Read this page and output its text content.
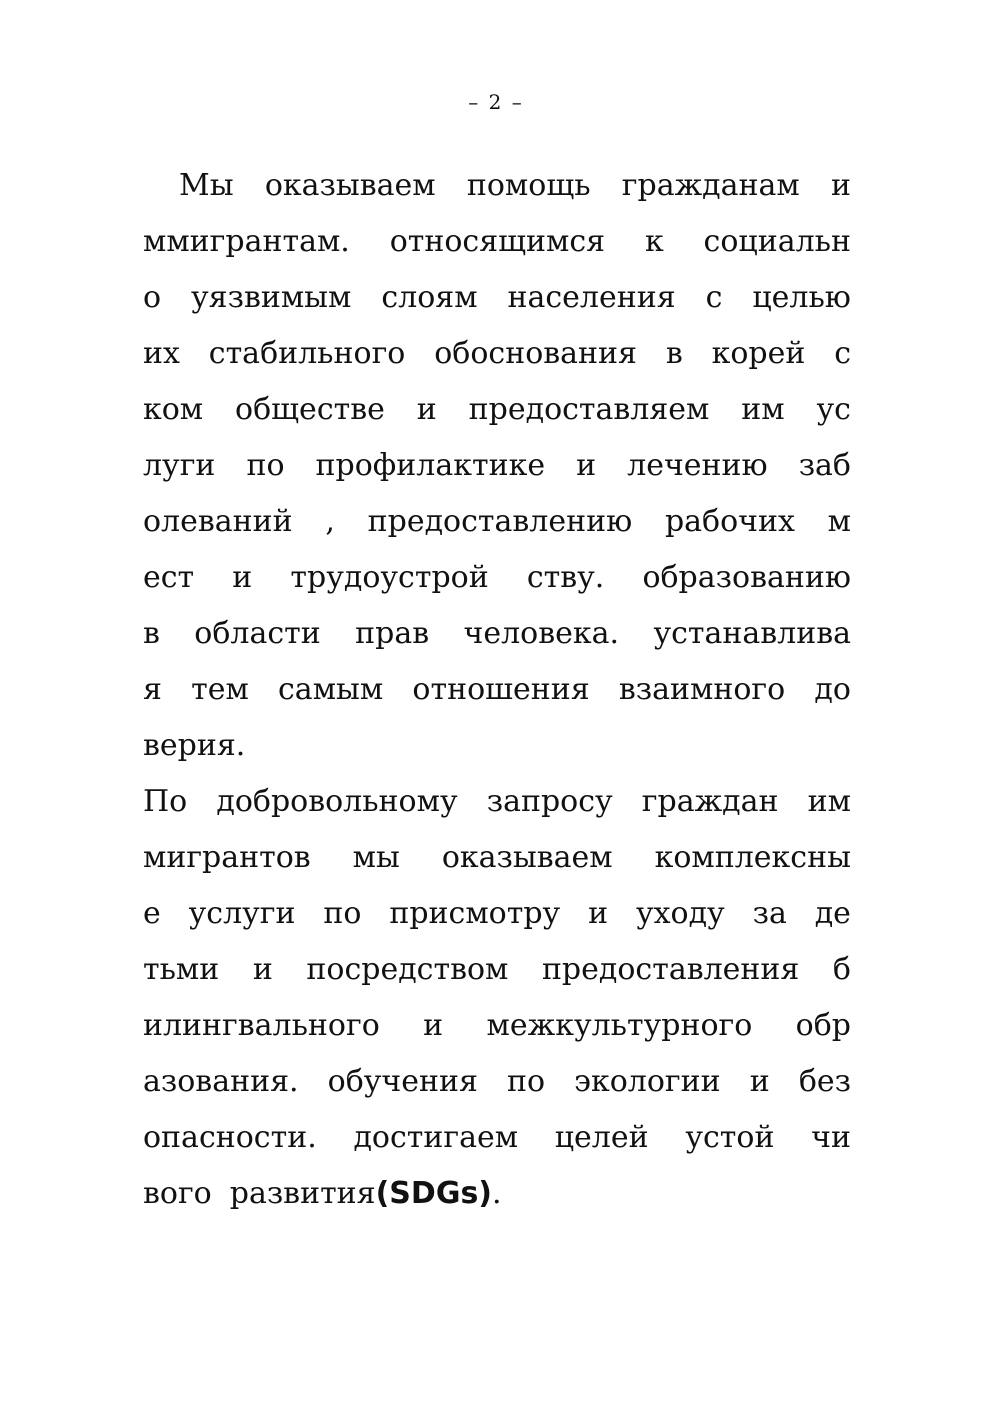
– 2 –
Мы оказываем помощь гражданам и
ммигрантам. относящимся к социальн
о уязвимым слоям населения с целью
их стабильного обоснования в корей с
ком обществе и предоставляем им ус
луги по профилактике и лечению заб
олеваний , предоставлению рабочих м
ест и трудоустрой ству. образованию
в области прав человека. устанавлива
я тем самым отношения взаимного до
верия.
По добровольному запросу граждан им
мигрантов мы оказываем комплексны
е услуги по присмотру и уходу за де
тьми и посредством предоставления б
илингвального и межкультурного обр
азования. обучения по экологии и без
опасности. достигаем целей устой чи
вого развития(SDGs).
